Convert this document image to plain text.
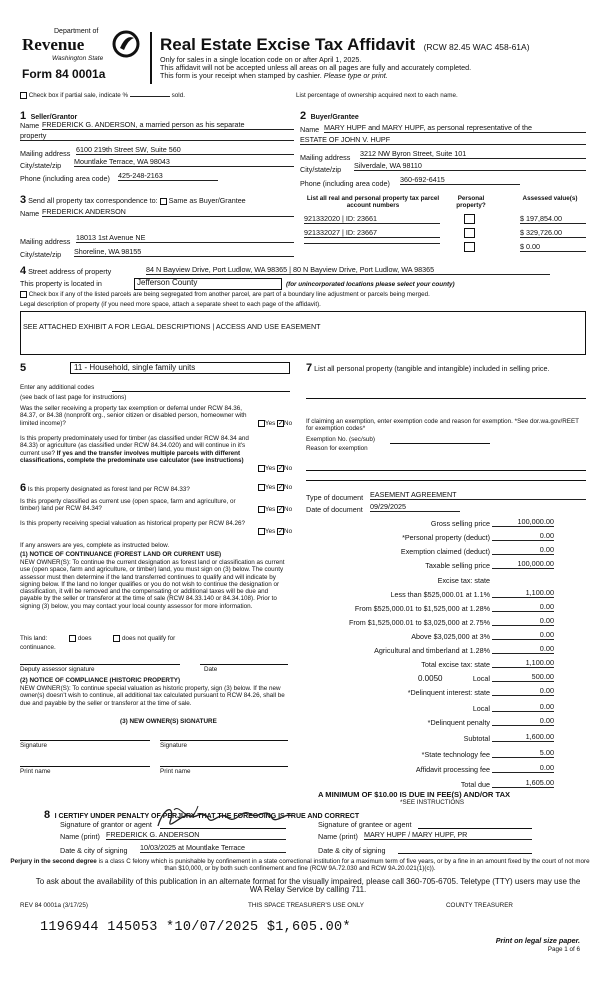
Department of
Revenue
Washington State
Form 84 0001a
Real Estate Excise Tax Affidavit (RCW 82.45 WAC 458-61A)
Only for sales in a single location code on or after April 1, 2025.
This affidavit will not be accepted unless all areas on all pages are fully and accurately completed.
This form is your receipt when stamped by cashier. Please type or print.
Check box if partial sale, indicate %	sold.	List percentage of ownership acquired next to each name.
1 Seller/Grantor
Name FREDERICK G. ANDERSON, a married person as his separate
property
Mailing address 6100 219th Street SW, Suite 560
City/state/zip Mountlake Terrace, WA 98043
Phone (including area code) 425-248-2163
2 Buyer/Grantee
Name MARY HUPF and MARY HUPF, as personal representative of the
ESTATE OF JOHN V. HUPF
Mailing address 3212 NW Byron Street, Suite 101
City/state/zip Silverdale, WA 98110
Phone (including area code) 360-692-6415
3 Send all property tax correspondence to: Same as Buyer/Grantee
Name FREDERICK ANDERSON
Mailing address 18013 1st Avenue NE
City/state/zip Shoreline, WA 98155
List all real and personal property tax parcel account numbers
Personal property?
Assessed value(s)
921332020 | ID: 23661	$ 197,854.00
921332027 | ID: 23667	$ 329,726.00
$ 0.00
4 Street address of property	84 N Bayview Drive, Port Ludlow, WA 98365 | 80 N Bayview Drive, Port Ludlow, WA 98365
This property is located in	Jefferson County	(for unincorporated locations please select your county)
Check box if any of the listed parcels are being segregated from another parcel, are part of a boundary line adjustment or parcels being merged.
Legal description of property (if you need more space, attach a separate sheet to each page of the affidavit).
SEE ATTACHED EXHIBIT A FOR LEGAL DESCRIPTIONS | ACCESS AND USE EASEMENT
5	11 - Household, single family units
Enter any additional codes
(see back of last page for instructions)
Was the seller receiving a property tax exemption or deferral under RCW 84.36, 84.37, or 84.38 (nonprofit org., senior citizen or disabled person, homeowner with limited income)?	Yes ✓No
Is this property predominately used for timber (as classified under RCW 84.34 and 84.33) or agriculture (as classified under RCW 84.34.020) and will continue in it's current use? If yes and the transfer involves multiple parcels with different classifications, complete the predominate use calculator (see instructions)
Yes ✓No
6 Is this property designated as forest land per RCW 84.33?	Yes ✓No
Is this property classified as current use (open space, farm and agriculture, or timber) land per RCW 84.34?	Yes ✓No
Is this property receiving special valuation as historical property per RCW 84.26?
Yes ✓No
If any answers are yes, complete as instructed below.
(1) NOTICE OF CONTINUANCE (FOREST LAND OR CURRENT USE)
NEW OWNER(S): To continue the current designation as forest land or classification as current use (open space, farm and agriculture, or timber) land, you must sign on (3) below. The county assessor must then determine if the land transferred continues to qualify and will indicate by signing below. If the land no longer qualifies or you do not wish to continue the designation or classification, it will be removed and the compensating or additional taxes will be due and payable by the seller or transferor at the time of sale (RCW 84.33.140 or 84.34.108). Prior to signing (3) below, you may contact your local county assessor for more information.
This land:	does	does not qualify for
continuance.
Deputy assessor signature	Date
(2) NOTICE OF COMPLIANCE (HISTORIC PROPERTY)
NEW OWNER(S): To continue special valuation as historic property, sign (3) below. If the new owner(s) doesn't wish to continue, all additional tax calculated pursuant to RCW 84.26, shall be due and payable by the seller or transferor at the time of sale.
(3) NEW OWNER(S) SIGNATURE
Signature	Signature
Print name	Print name
7 List all personal property (tangible and intangible) included in selling price.
If claiming an exemption, enter exemption code and reason for exemption. *See dor.wa.gov/REET for exemption codes*
Exemption No. (sec/sub)
Reason for exemption
Type of document EASEMENT AGREEMENT
Date of document 09/29/2025
Gross selling price	100,000.00
*Personal property (deduct)	0.00
Exemption claimed (deduct)	0.00
Taxable selling price	100,000.00
Excise tax: state
Less than $525,000.01 at 1.1%	1,100.00
From $525,000.01 to $1,525,000 at 1.28%	0.00
From $1,525,000.01 to $3,025,000 at 2.75%	0.00
Above $3,025,000 at 3%	0.00
Agricultural and timberland at 1.28%	0.00
Total excise tax: state	1,100.00
0.0050	Local	500.00
*Delinquent interest: state	0.00
Local	0.00
*Delinquent penalty	0.00
Subtotal	1,600.00
*State technology fee	5.00
Affidavit processing fee	0.00
Total due	1,605.00
A MINIMUM OF $10.00 IS DUE IN FEE(S) AND/OR TAX
*SEE INSTRUCTIONS
8 I CERTIFY UNDER PENALTY OF PERJURY THAT THE FOREGOING IS TRUE AND CORRECT
Signature of grantor or agent	Signature of grantee or agent
Name (print) FREDERICK G. ANDERSON	Name (print) MARY HUPF / MARY HUPF, PR
Date & city of signing 10/03/2025 at Mountlake Terrace	Date & city of signing
Perjury in the second degree is a class C felony which is punishable by confinement in a state correctional institution for a maximum term of five years, or by a fine in an amount fixed by the court of not more than $10,000, or by both such confinement and fine (RCW 9A.72.030 and RCW 9A.20.021(1)(c)).
To ask about the availability of this publication in an alternate format for the visually impaired, please call 360-705-6705. Teletype (TTY) users may use the WA Relay Service by calling 711.
REV 84 0001a (3/17/25)	THIS SPACE TREASURER'S USE ONLY	COUNTY TREASURER
1196944 145053 *10/07/2025 $1,605.00*
Print on legal size paper.
Page 1 of 6
